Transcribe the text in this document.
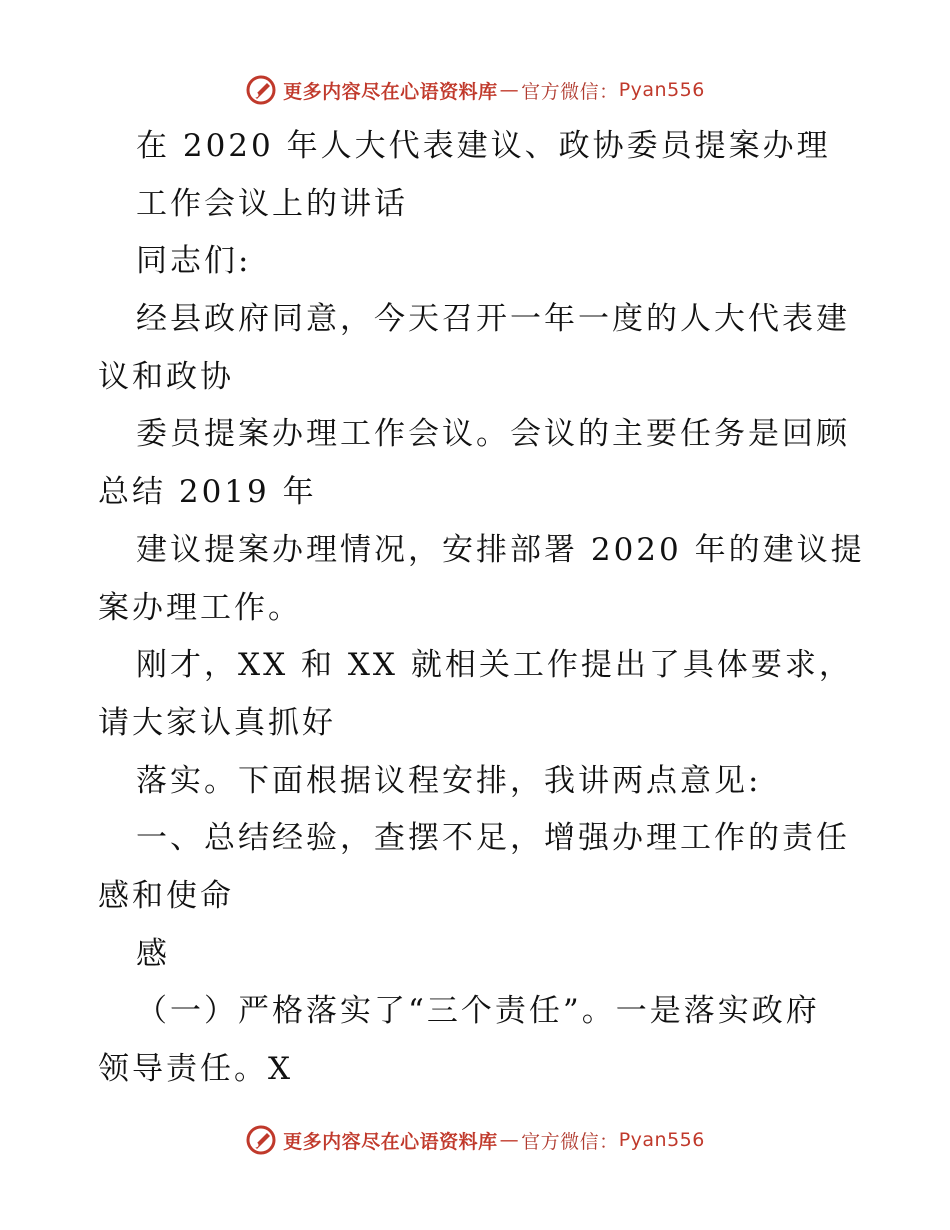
更多内容尽在心语资料库 — 官方微信： Pyan556
在 2020 年人大代表建议、政协委员提案办理
工作会议上的讲话
同志们:
经县政府同意，今天召开一年一度的人大代表建
议和政协
委员提案办理工作会议。会议的主要任务是回顾
总结 2019 年
建议提案办理情况，安排部署 2020 年的建议提
案办理工作。
刚才，XX 和 XX 就相关工作提出了具体要求，
请大家认真抓好
落实。下面根据议程安排，我讲两点意见:
一、总结经验，查摆不足，增强办理工作的责任
感和使命
感
（一）严格落实了“三个责任”。一是落实政府
领导责任。X
更多内容尽在心语资料库 — 官方微信： Pyan556
